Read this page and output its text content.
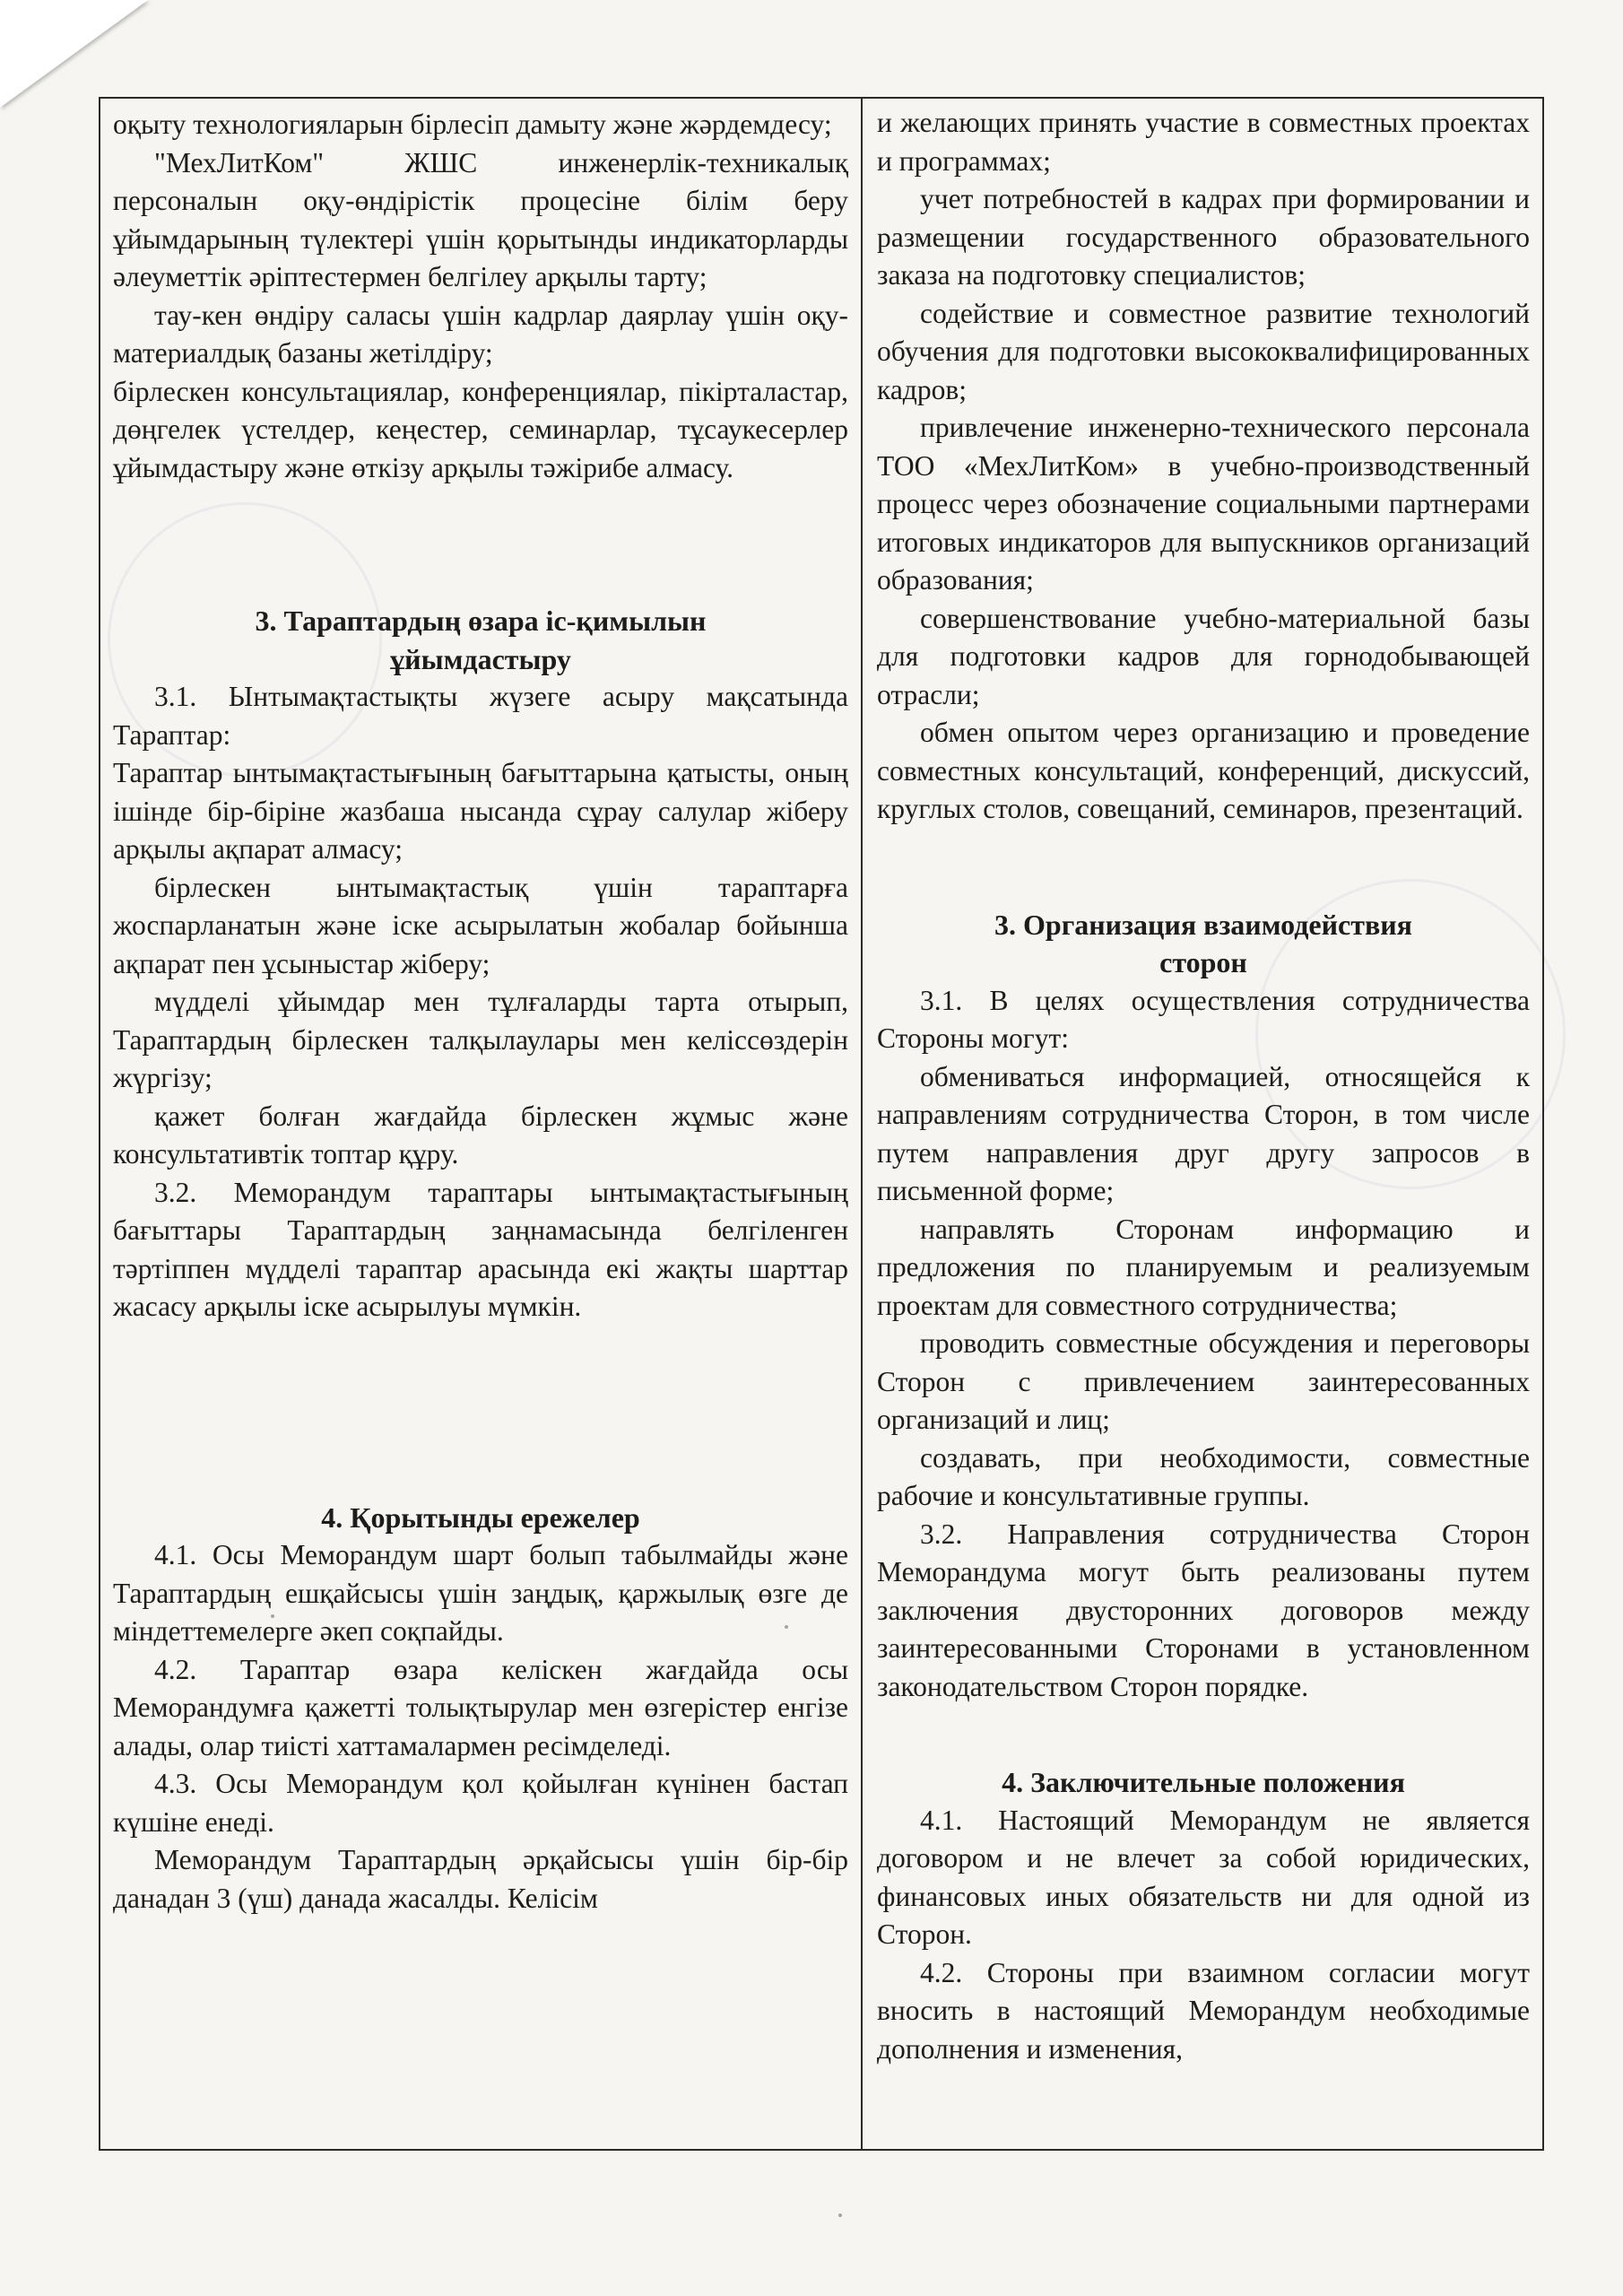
оқыту технологияларын бірлесіп дамыту және жәрдемдесу;

"МехЛитКом" ЖШС инженерлік-техникалық персоналын оқу-өндірістік процесіне білім беру ұйымдарының түлектері үшін қорытынды индикаторларды әлеуметтік әріптестермен белгілеу арқылы тарту;

тау-кен өндіру саласы үшін кадрлар даярлау үшін оқу-материалдық базаны жетілдіру;

бірлескен консультациялар, конференциялар, пікірталастар, дөңгелек үстелдер, кеңестер, семинарлар, тұсаукесерлер ұйымдастыру және өткізу арқылы тәжірибе алмасу.

3. Тараптардың өзара іс-қимылын

ұйымдастыру

3.1. Ынтымақтастықты жүзеге асыру мақсатында Тараптар:

Тараптар ынтымақтастығының бағыттарына қатысты, оның ішінде бір-біріне жазбаша нысанда сұрау салулар жіберу арқылы ақпарат алмасу;

бірлескен ынтымақтастық үшін тараптарға жоспарланатын және іске асырылатын жобалар бойынша ақпарат пен ұсыныстар жіберу;

мүдделі ұйымдар мен тұлғаларды тарта отырып, Тараптардың бірлескен талқылаулары мен келіссөздерін жүргізу;

қажет болған жағдайда бірлескен жұмыс және консультативтік топтар құру.

3.2. Меморандум тараптары ынтымақтастығының бағыттары Тараптардың заңнамасында белгіленген тәртіппен мүдделі тараптар арасында екі жақты шарттар жасасу арқылы іске асырылуы мүмкін.

4. Қорытынды ережелер

4.1. Осы Меморандум шарт болып табылмайды және Тараптардың ешқайсысы үшін заңдық, қаржылық өзге де міндеттемелерге әкеп соқпайды.

4.2. Тараптар өзара келіскен жағдайда осы Меморандумға қажетті толықтырулар мен өзгерістер енгізе алады, олар тиісті хаттамалармен ресімделеді.

4.3. Осы Меморандум қол қойылған күнінен бастап күшіне енеді.

Меморандум Тараптардың әрқайсысы үшін бір-бір данадан 3 (үш) данада жасалды. Келісім

и желающих принять участие в совместных проектах и программах;

учет потребностей в кадрах при формировании и размещении государственного образовательного заказа на подготовку специалистов;

содействие и совместное развитие технологий обучения для подготовки высококвалифицированных кадров;

привлечение инженерно-технического персонала ТОО «МехЛитКом» в учебно-производственный процесс через обозначение социальными партнерами итоговых индикаторов для выпускников организаций образования;

совершенствование учебно-материальной базы для подготовки кадров для горнодобывающей отрасли;

обмен опытом через организацию и проведение совместных консультаций, конференций, дискуссий, круглых столов, совещаний, семинаров, презентаций.

3. Организация взаимодействия

сторон

3.1. В целях осуществления сотрудничества Стороны могут:

обмениваться информацией, относящейся к направлениям сотрудничества Сторон, в том числе путем направления друг другу запросов в письменной форме;

направлять Сторонам информацию и предложения по планируемым и реализуемым проектам для совместного сотрудничества;

проводить совместные обсуждения и переговоры Сторон с привлечением заинтересованных организаций и лиц;

создавать, при необходимости, совместные рабочие и консультативные группы.

3.2. Направления сотрудничества Сторон Меморандума могут быть реализованы путем заключения двусторонних договоров между заинтересованными Сторонами в установленном законодательством Сторон порядке.

4. Заключительные положения

4.1. Настоящий Меморандум не является договором и не влечет за собой юридических, финансовых иных обязательств ни для одной из Сторон.

4.2. Стороны при взаимном согласии могут вносить в настоящий Меморандум необходимые дополнения и изменения,
